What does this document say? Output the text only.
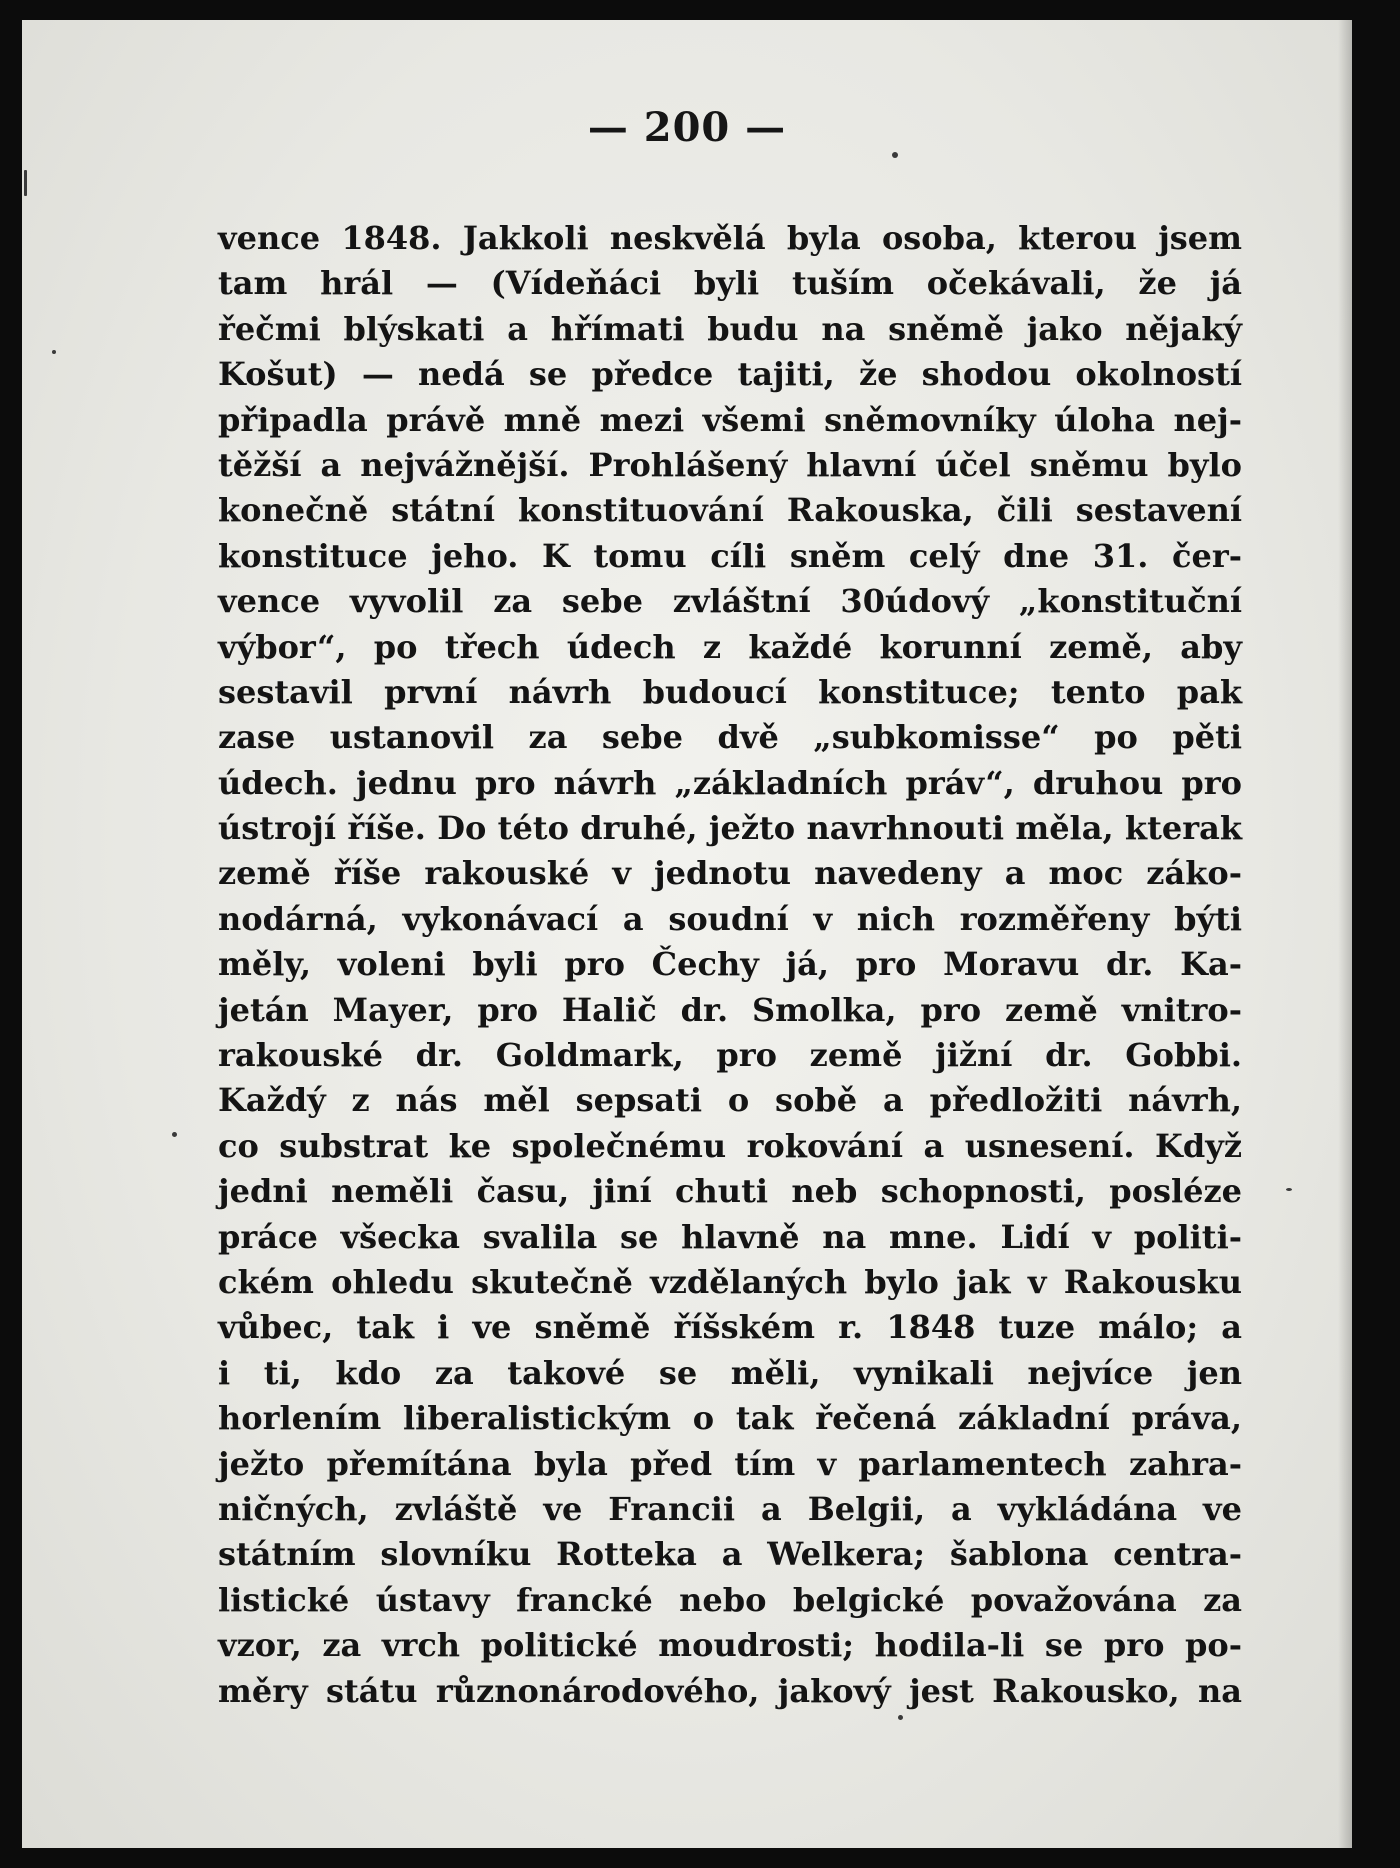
— 200 —
vence 1848. Jakkoli neskvělá byla osoba, kterou jsem
tam hrál — (Vídeňáci byli tuším očekávali, že já
řečmi blýskati a hřímati budu na sněmě jako nějaký
Košut) — nedá se předce tajiti, že shodou okolností
připadla právě mně mezi všemi sněmovníky úloha nej-
těžší a nejvážnější. Prohlášený hlavní účel sněmu bylo
konečně státní konstituování Rakouska, čili sestavení
konstituce jeho. K tomu cíli sněm celý dne 31. čer-
vence vyvolil za sebe zvláštní 30údový „konstituční
výbor“, po třech údech z každé korunní země, aby
sestavil první návrh budoucí konstituce; tento pak
zase ustanovil za sebe dvě „subkomisse“ po pěti
údech. jednu pro návrh „základních práv“, druhou pro
ústrojí říše. Do této druhé, ježto navrhnouti měla, kterak
země říše rakouské v jednotu navedeny a moc záko-
nodárná, vykonávací a soudní v nich rozměřeny býti
měly, voleni byli pro Čechy já, pro Moravu dr. Ka-
jetán Mayer, pro Halič dr. Smolka, pro země vnitro-
rakouské dr. Goldmark, pro země jižní dr. Gobbi.
Každý z nás měl sepsati o sobě a předložiti návrh,
co substrat ke společnému rokování a usnesení. Když
jedni neměli času, jiní chuti neb schopnosti, posléze
práce všecka svalila se hlavně na mne. Lidí v politi-
ckém ohledu skutečně vzdělaných bylo jak v Rakousku
vůbec, tak i ve sněmě říšském r. 1848 tuze málo; a
i ti, kdo za takové se měli, vynikali nejvíce jen
horlením liberalistickým o tak řečená základní práva,
ježto přemítána byla před tím v parlamentech zahra-
ničných, zvláště ve Francii a Belgii, a vykládána ve
státním slovníku Rotteka a Welkera; šablona centra-
listické ústavy francké nebo belgické považována za
vzor, za vrch politické moudrosti; hodila-li se pro po-
měry státu různonárodového, jakový jest Rakousko, na
